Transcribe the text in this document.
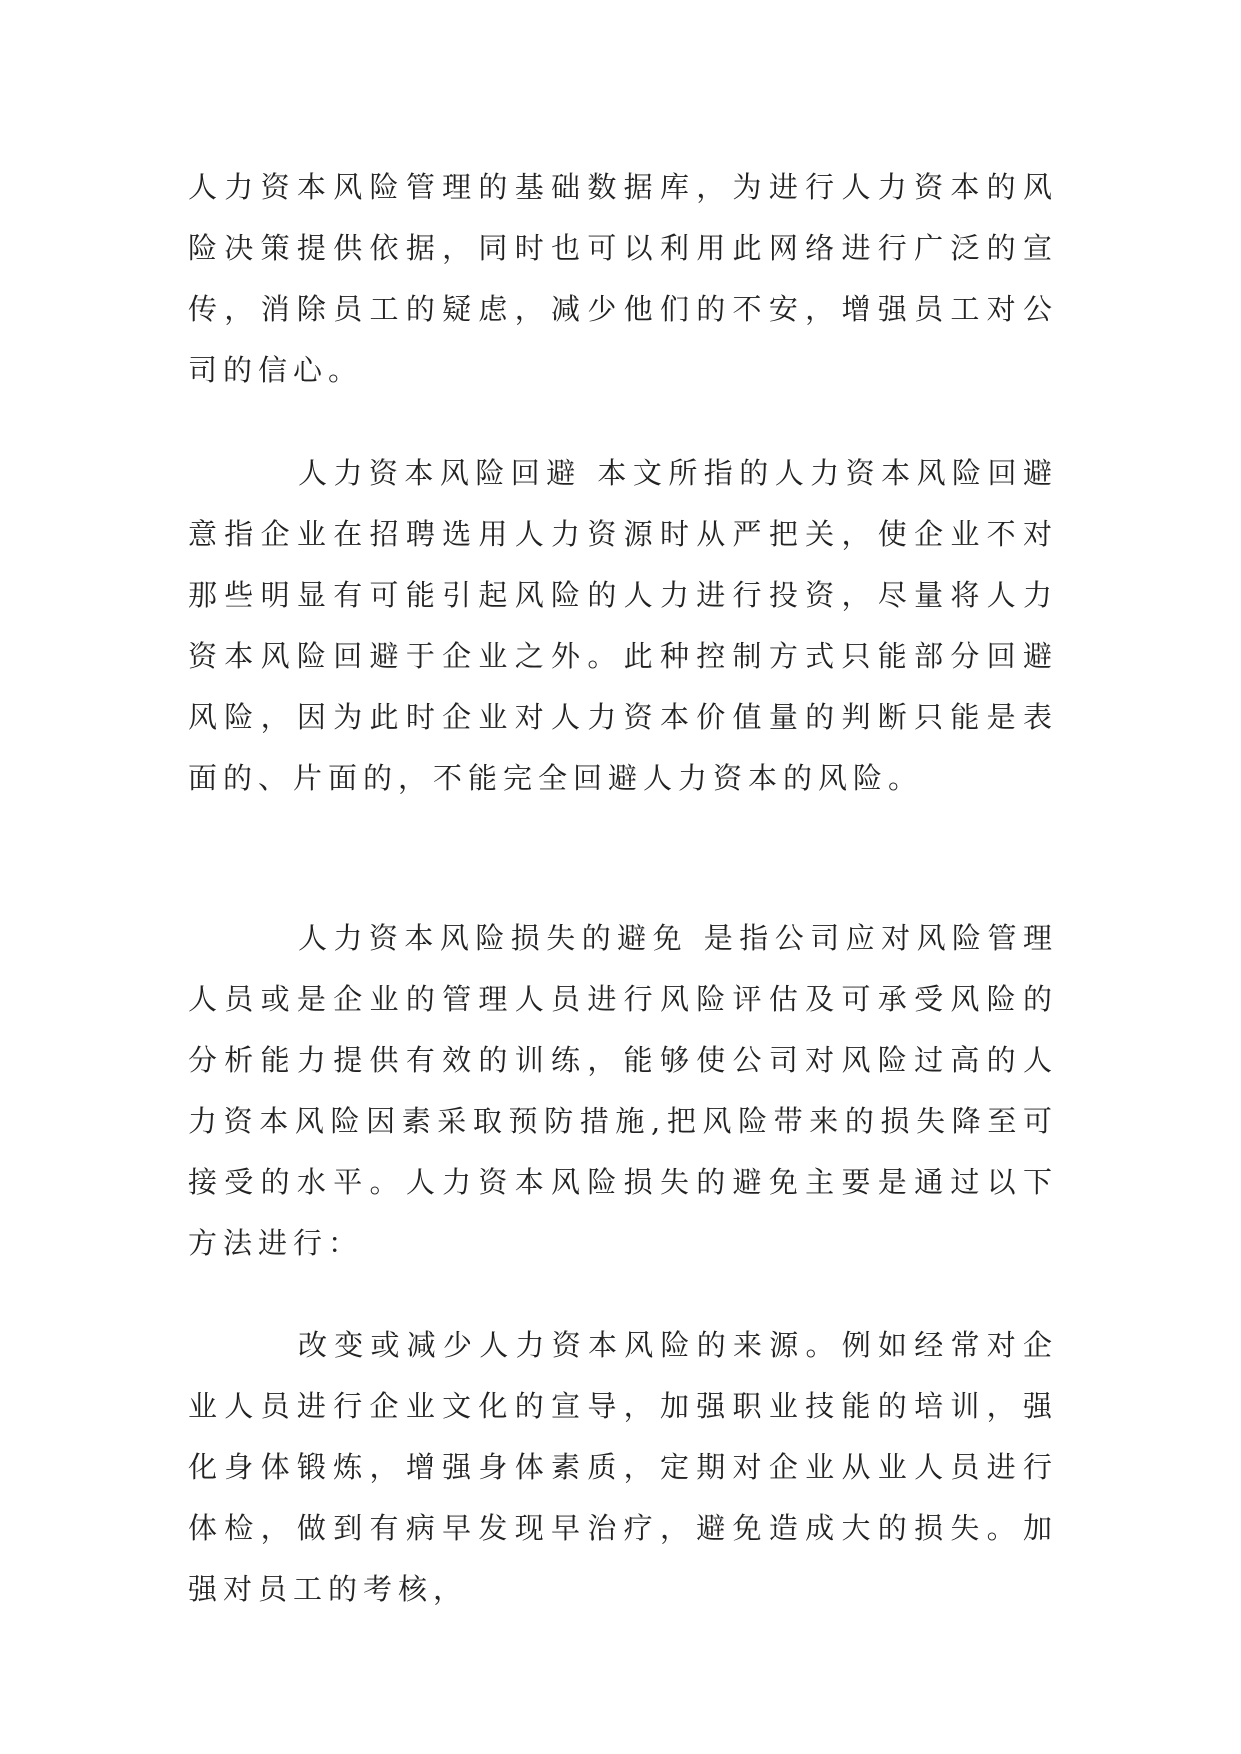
人力资本风险管理的基础数据库，为进行人力资本的风险决策提供依据，同时也可以利用此网络进行广泛的宣传，消除员工的疑虑，减少他们的不安，增强员工对公司的信心。

人力资本风险回避 本文所指的人力资本风险回避意指企业在招聘选用人力资源时从严把关，使企业不对那些明显有可能引起风险的人力进行投资，尽量将人力资本风险回避于企业之外。此种控制方式只能部分回避风险，因为此时企业对人力资本价值量的判断只能是表面的、片面的，不能完全回避人力资本的风险。

人力资本风险损失的避免 是指公司应对风险管理人员或是企业的管理人员进行风险评估及可承受风险的分析能力提供有效的训练，能够使公司对风险过高的人力资本风险因素采取预防措施,把风险带来的损失降至可接受的水平。人力资本风险损失的避免主要是通过以下方法进行：

改变或减少人力资本风险的来源。例如经常对企业人员进行企业文化的宣导，加强职业技能的培训，强化身体锻炼，增强身体素质，定期对企业从业人员进行体检，做到有病早发现早治疗，避免造成大的损失。加强对员工的考核，
